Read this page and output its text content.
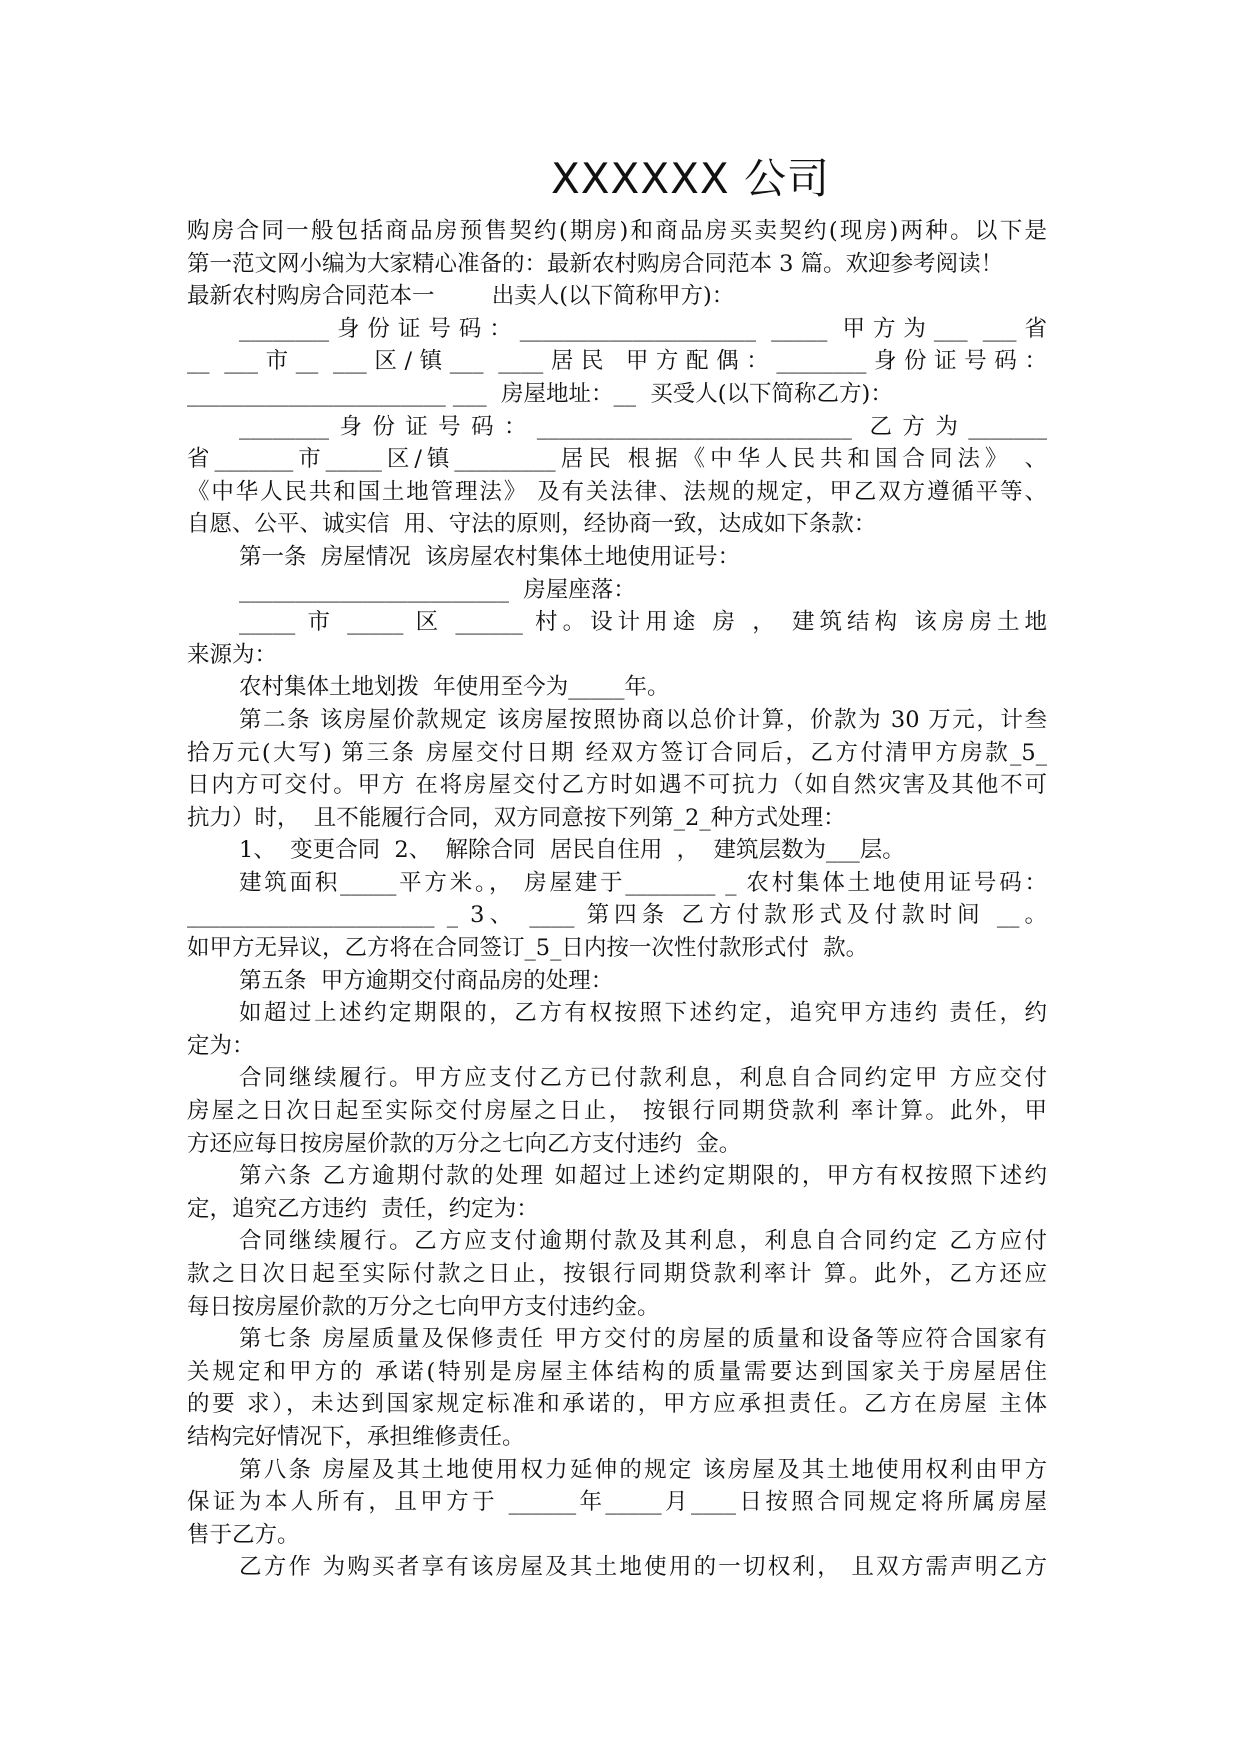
XXXXXX 公司
购房合同一般包括商品房预售契约(期房)和商品房买卖契约(现房)两种。以下是
第一范文网小编为大家精心准备的：最新农村购房合同范本 3 篇。欢迎参考阅读！
最新农村购房合同范本一        出卖人(以下简称甲方)：
________身份证号码：_____________________ _____ 甲方为___ ___省
__ ___市__ ___区/镇___ ____居民 甲方配偶：________身份证号码：
_______________________ ___  房屋地址：__  买受人(以下简称乙方)：
________身份证号码：____________________________ 乙方为_______
省_______市_____区/镇_________居民 根据《中华人民共和国合同法》 、
《中华人民共和国土地管理法》 及有关法律、法规的规定，甲乙双方遵循平等、
自愿、公平、诚实信  用、守法的原则，经协商一致，达成如下条款：
第一条  房屋情况  该房屋农村集体土地使用证号：
________________________  房屋座落：
_____ 市 _____ 区 ______ 村。设计用途 房 ， 建筑结构 该房房土地
来源为：
农村集体土地划拨  年使用至今为_____年。
第二条 该房屋价款规定 该房屋按照协商以总价计算，价款为 30 万元，计叁
拾万元(大写) 第三条 房屋交付日期 经双方签订合同后，乙方付清甲方房款_5_
日内方可交付。甲方 在将房屋交付乙方时如遇不可抗力（如自然灾害及其他不可
抗力）时，  且不能履行合同，双方同意按下列第_2_种方式处理：
1、  变更合同  2、  解除合同  居民自住用  ，  建筑层数为___层。
建筑面积_____平方米。， 房屋建于________ _ 农村集体土地使用证号码：
______________________ _ 3、 ____ 第四条 乙方付款形式及付款时间 __。
如甲方无异议，乙方将在合同签订_5_日内按一次性付款形式付  款。
第五条  甲方逾期交付商品房的处理：
如超过上述约定期限的，乙方有权按照下述约定，追究甲方违约 责任，约
定为：
合同继续履行。甲方应支付乙方已付款利息，利息自合同约定甲 方应交付
房屋之日次日起至实际交付房屋之日止， 按银行同期贷款利 率计算。此外，甲
方还应每日按房屋价款的万分之七向乙方支付违约  金。
第六条 乙方逾期付款的处理 如超过上述约定期限的，甲方有权按照下述约
定，追究乙方违约  责任，约定为：
合同继续履行。乙方应支付逾期付款及其利息，利息自合同约定 乙方应付
款之日次日起至实际付款之日止，按银行同期贷款利率计 算。此外，乙方还应
每日按房屋价款的万分之七向甲方支付违约金。
第七条 房屋质量及保修责任 甲方交付的房屋的质量和设备等应符合国家有
关规定和甲方的 承诺(特别是房屋主体结构的质量需要达到国家关于房屋居住
的要 求），未达到国家规定标准和承诺的，甲方应承担责任。乙方在房屋 主体
结构完好情况下，承担维修责任。
第八条 房屋及其土地使用权力延伸的规定 该房屋及其土地使用权利由甲方
保证为本人所有，且甲方于 ______年_____月____日按照合同规定将所属房屋
售于乙方。
乙方作 为购买者享有该房屋及其土地使用的一切权利， 且双方需声明乙方
